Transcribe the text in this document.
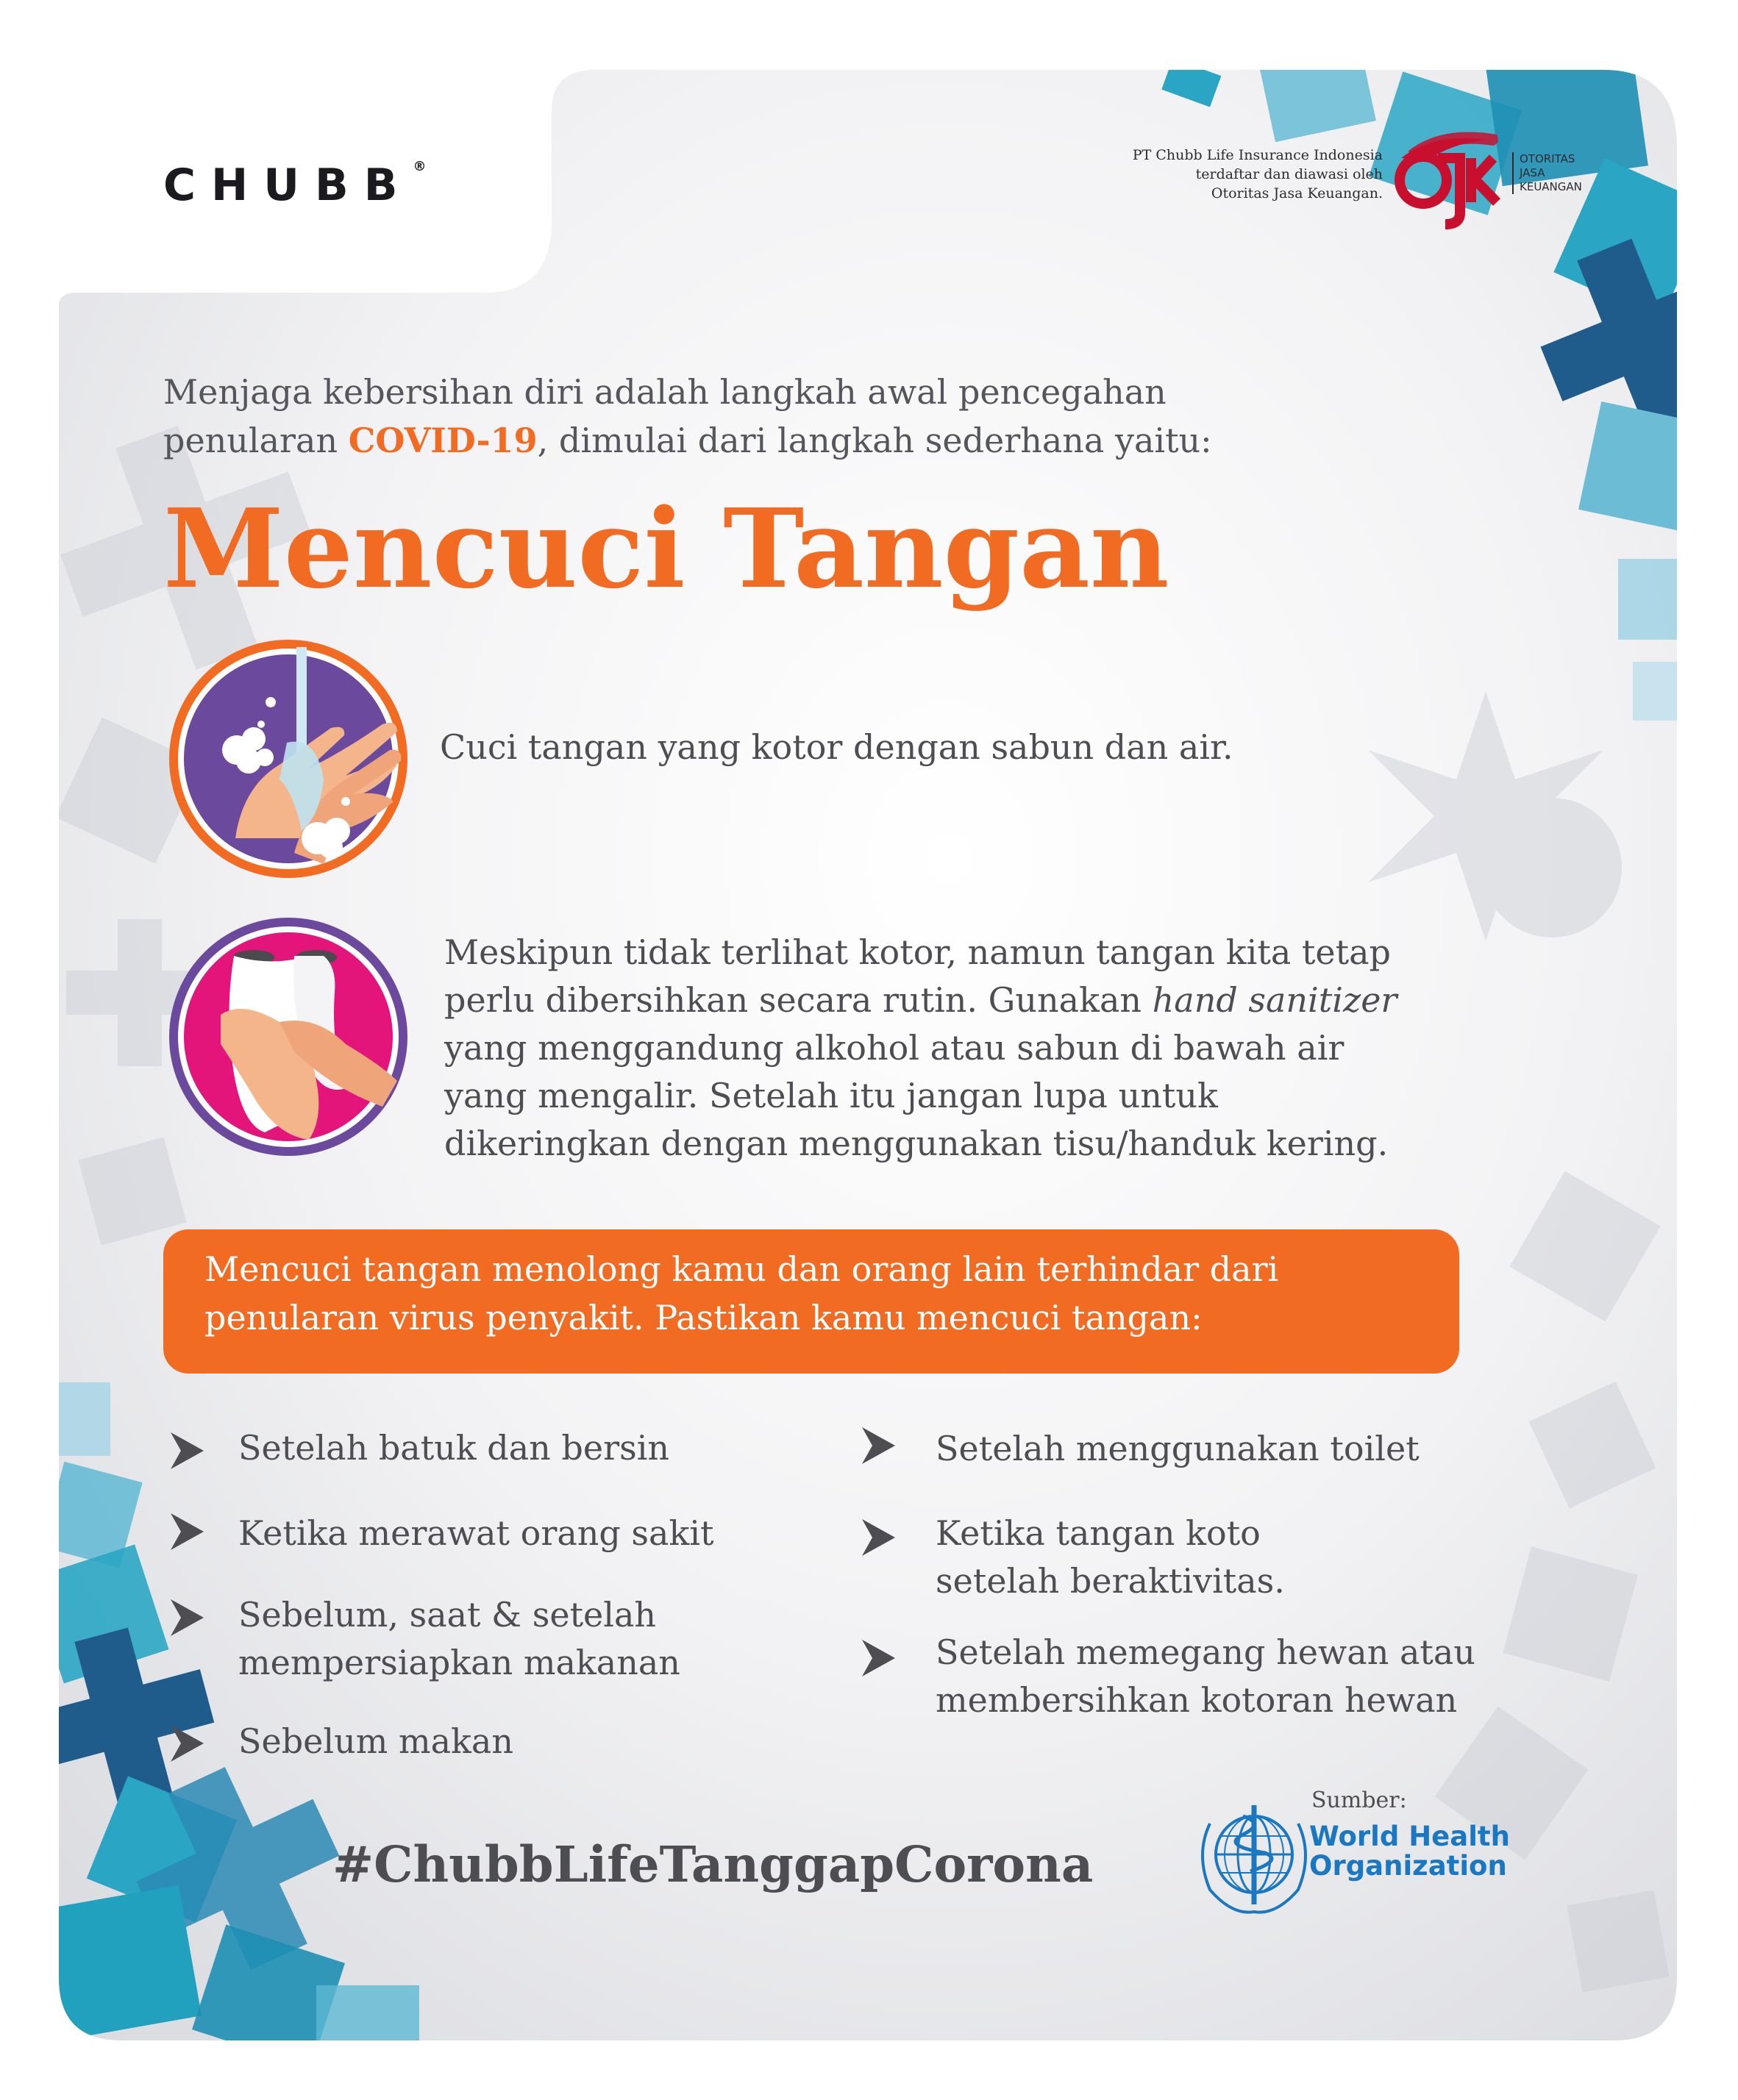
CHUBB®
PT Chubb Life Insurance Indonesia
terdaftar dan diawasi oleh
Otoritas Jasa Keuangan.
OTORITAS
JASA
KEUANGAN
Menjaga kebersihan diri adalah langkah awal pencegahan
penularan COVID-19, dimulai dari langkah sederhana yaitu:
Mencuci Tangan
Cuci tangan yang kotor dengan sabun dan air.
Meskipun tidak terlihat kotor, namun tangan kita tetap perlu dibersihkan secara rutin. Gunakan hand sanitizer yang menggandung alkohol atau sabun di bawah air yang mengalir. Setelah itu jangan lupa untuk dikeringkan dengan menggunakan tisu/handuk kering.
Mencuci tangan menolong kamu dan orang lain terhindar dari
penularan virus penyakit. Pastikan kamu mencuci tangan:
Setelah batuk dan bersin
Ketika merawat orang sakit
Sebelum, saat & setelah
mempersiapkan makanan
Sebelum makan
Setelah menggunakan toilet
Ketika tangan koto
setelah beraktivitas.
Setelah memegang hewan atau
membersihkan kotoran hewan
#ChubbLifeTanggapCorona
Sumber:
World Health
Organization
